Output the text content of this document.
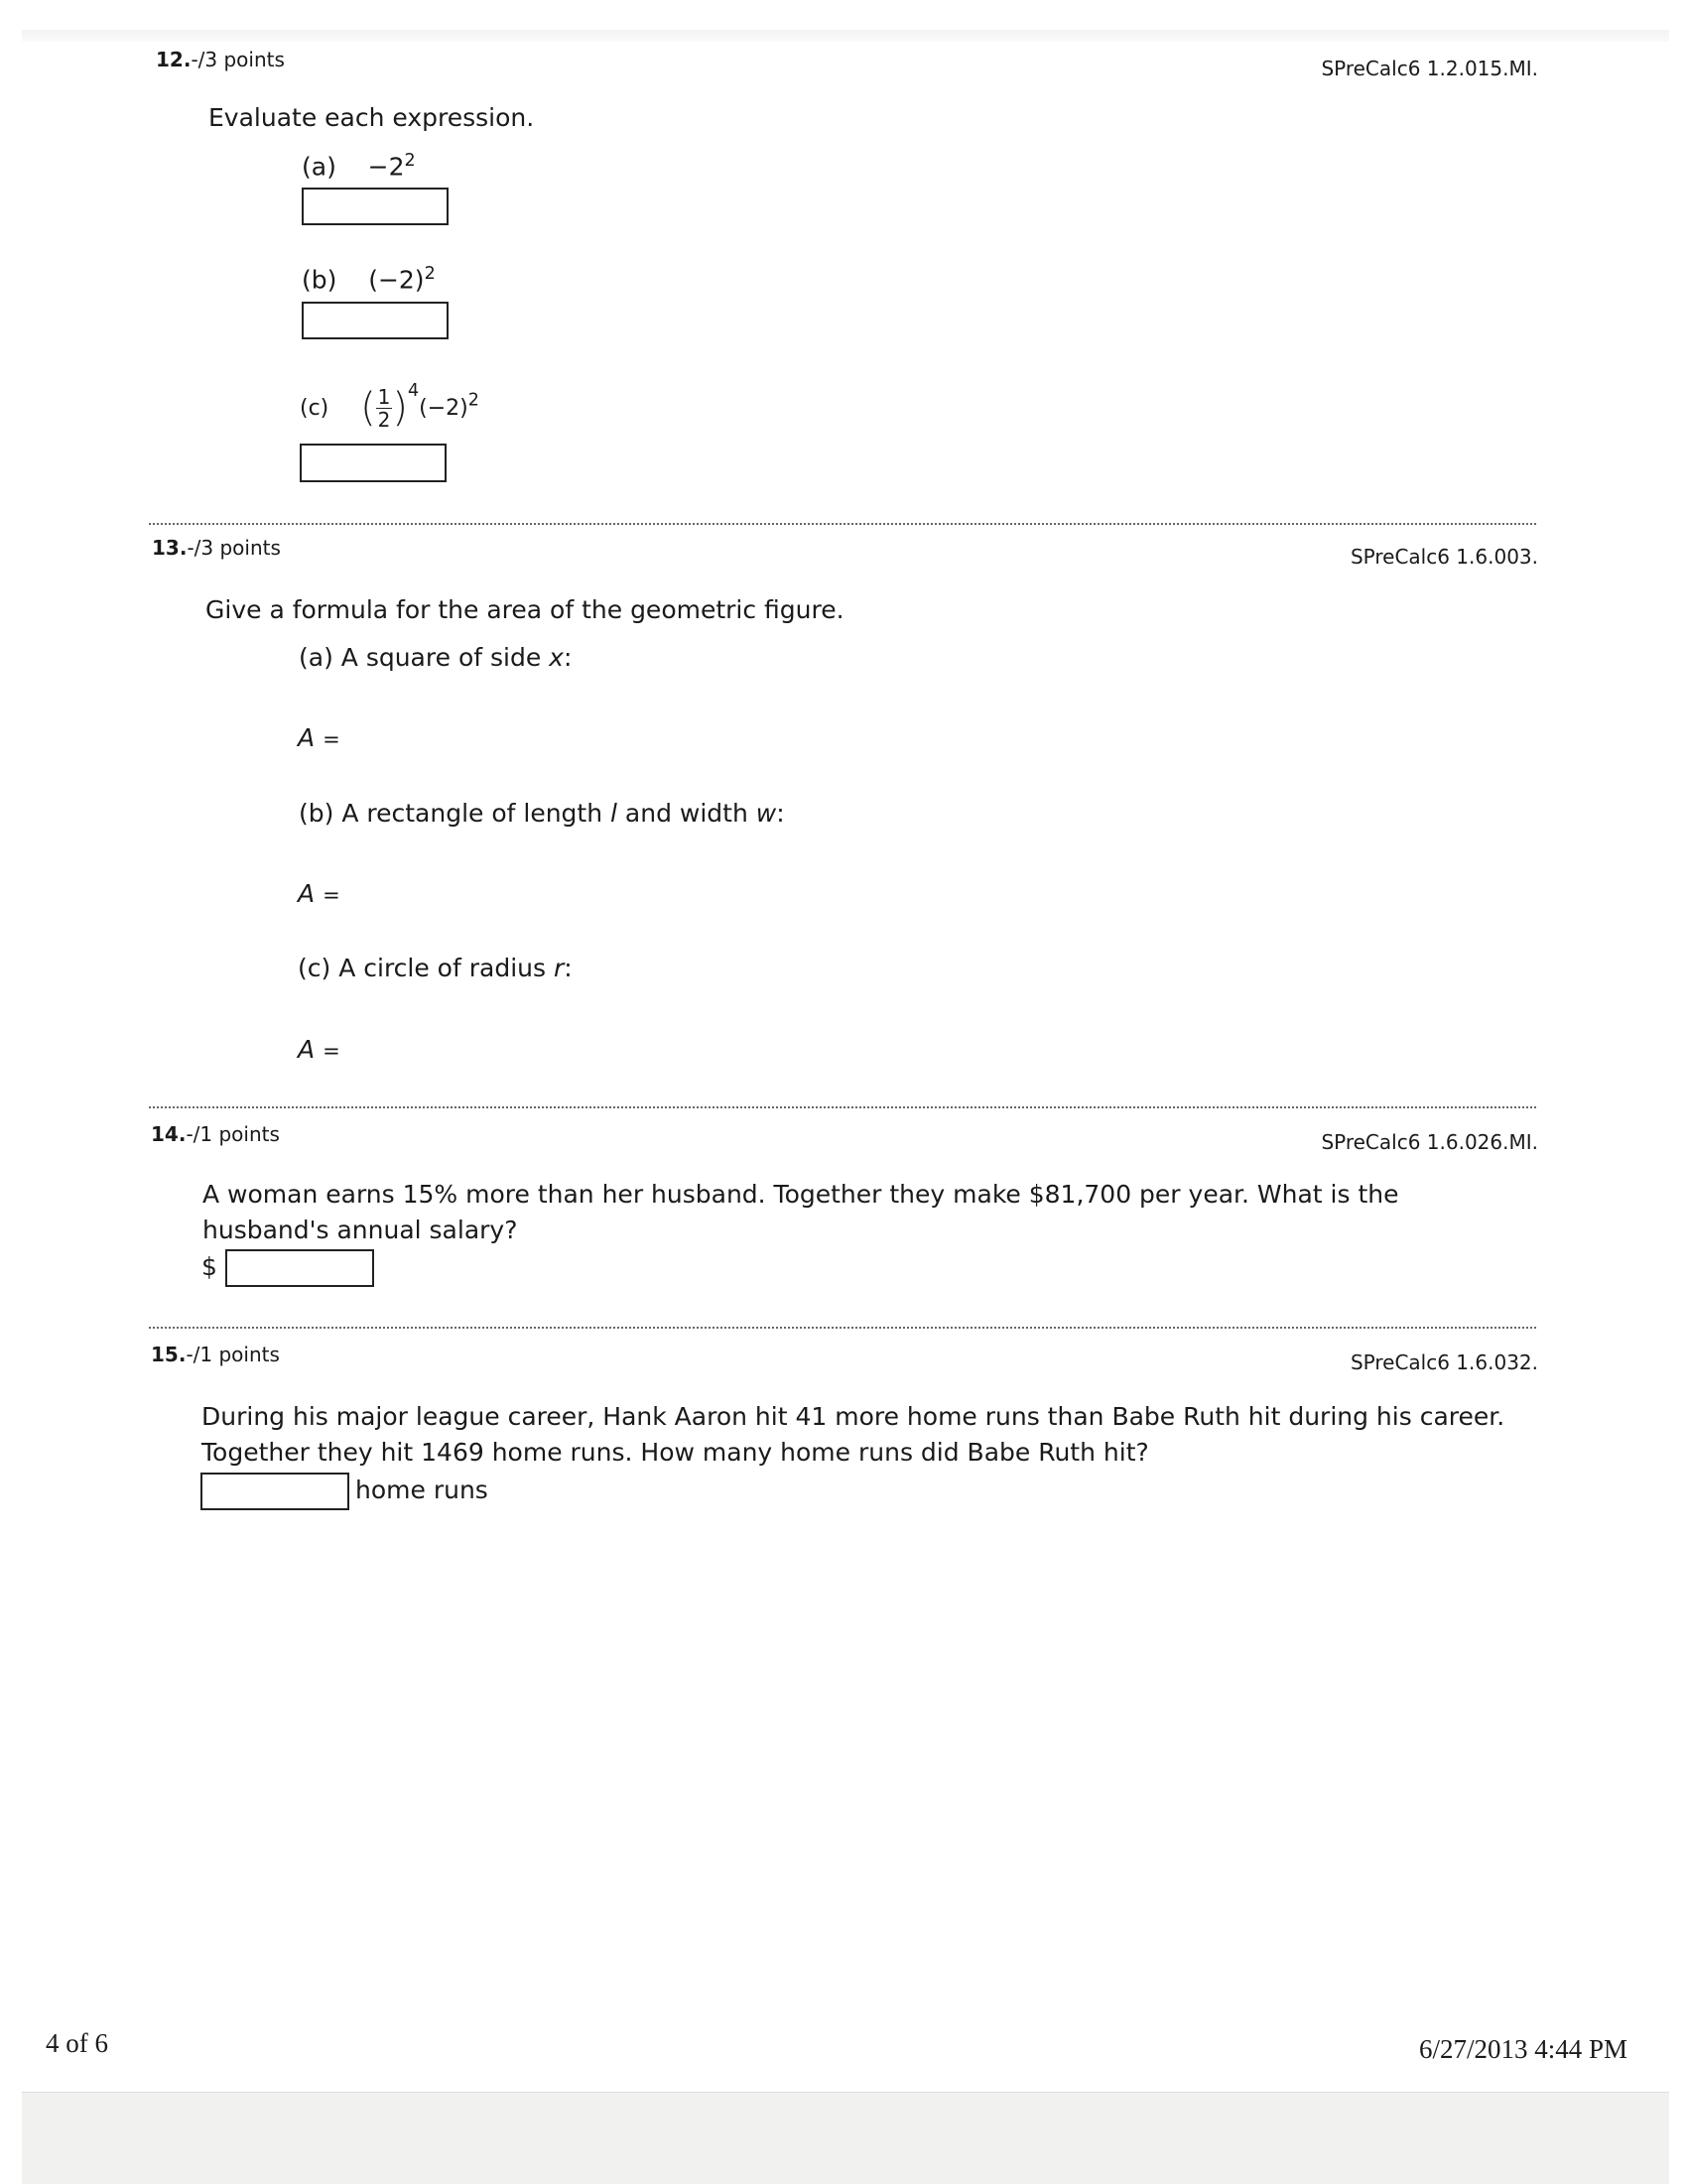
12.-/3 points	SPreCalc6 1.2.015.MI.
Evaluate each expression.
$(a) -2^2$
(b) $(-2)^2$
(c) ( $\frac{1}{2} )^4(-2)^2$
13.-/3 points	SPreCalc6 1.6.003.
Give a formula for the area of the geometric figure.
(a) A square of side x:
A =
(b) A rectangle of length l and width w:
A =
(c) A circle of radius r:
A =
14.-/1 points	SPreCalc6 1.6.026.MI.
A woman earns 15% more than her husband. Together they make $81,700 per year. What is the husband's annual salary?
$
15.-/1 points	SPreCalc6 1.6.032.
During his major league career, Hank Aaron hit 41 more home runs than Babe Ruth hit during his career. Together they hit 1469 home runs. How many home runs did Babe Ruth hit?
home runs
4 of 6	6/27/2013 4:44 PM
